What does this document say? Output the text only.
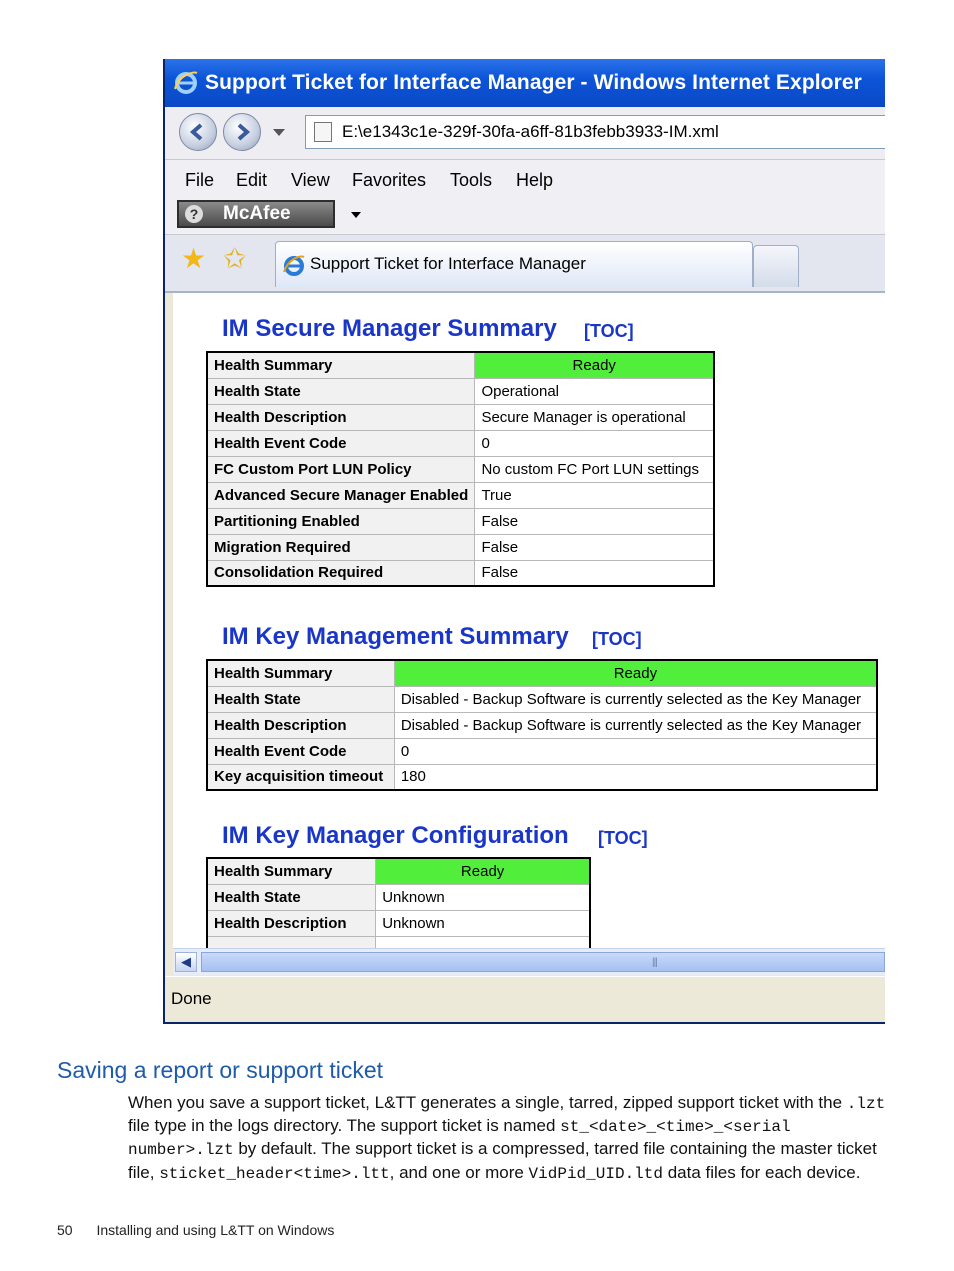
Support Ticket for Interface Manager - Windows Internet Explorer
E:\e1343c1e-329f-30fa-a6ff-81b3febb3933-IM.xml
File Edit View Favorites Tools Help
? McAfee
★ ✩	Support Ticket for Interface Manager
IM Secure Manager Summary [TOC]
Health Summary	Ready
Health State	Operational
Health Description	Secure Manager is operational
Health Event Code	0
FC Custom Port LUN Policy	No custom FC Port LUN settings
Advanced Secure Manager Enabled	True
Partitioning Enabled	False
Migration Required	False
Consolidation Required	False
IM Key Management Summary [TOC]
Health Summary	Ready
Health State	Disabled - Backup Software is currently selected as the Key Manager
Health Description	Disabled - Backup Software is currently selected as the Key Manager
Health Event Code	0
Key acquisition timeout	180
IM Key Manager Configuration [TOC]
Health Summary	Ready
Health State	Unknown
Health Description	Unknown

◀	|||
Done
Saving a report or support ticket
When you save a support ticket, L&TT generates a single, tarred, zipped support ticket with the .lzt file type in the logs directory. The support ticket is named st_<date>_<time>_<serial number>.lzt by default. The support ticket is a compressed, tarred file containing the master ticket file, sticket_header<time>.ltt, and one or more VidPid_UID.ltd data files for each device.
50 Installing and using L&TT on Windows
